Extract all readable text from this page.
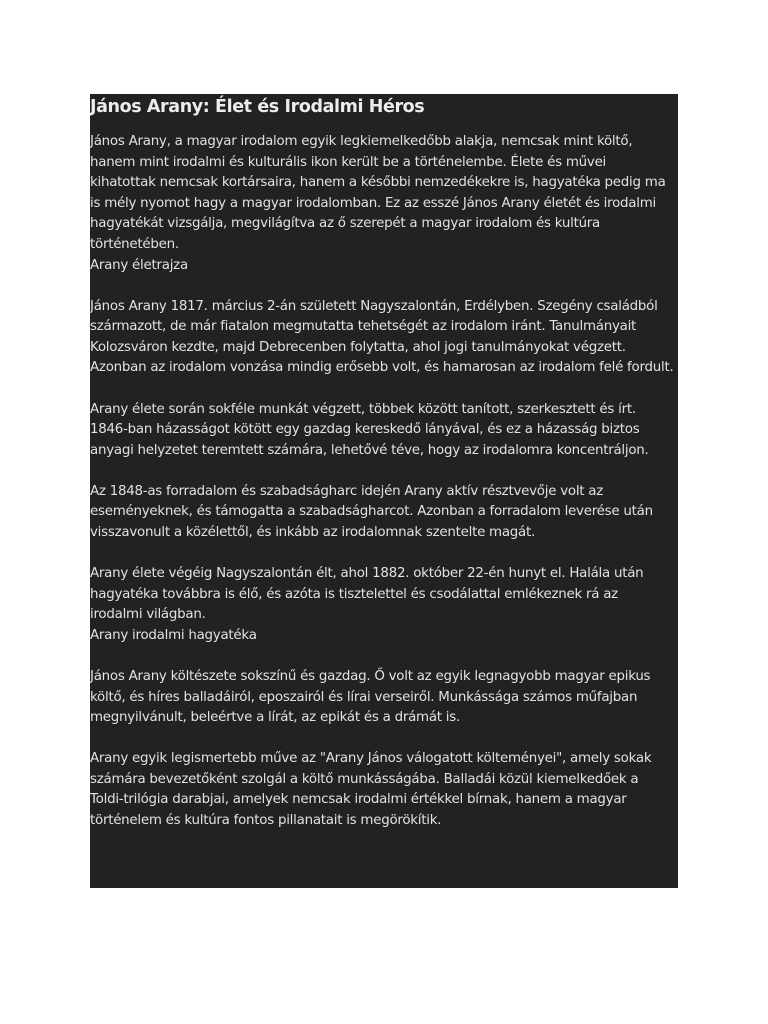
János Arany: Élet és Irodalmi Héros

János Arany, a magyar irodalom egyik legkiemelkedőbb alakja, nemcsak mint költő, hanem mint irodalmi és kulturális ikon került be a történelembe. Élete és művei kihatottak nemcsak kortársaira, hanem a későbbi nemzedékekre is, hagyatéka pedig ma is mély nyomot hagy a magyar irodalomban. Ez az esszé János Arany életét és irodalmi hagyatékát vizsgálja, megvilágítva az ő szerepét a magyar irodalom és kultúra történetében.

Arany életrajza

János Arany 1817. március 2-án született Nagyszalontán, Erdélyben. Szegény családból származott, de már fiatalon megmutatta tehetségét az irodalom iránt. Tanulmányait Kolozsváron kezdte, majd Debrecenben folytatta, ahol jogi tanulmányokat végzett. Azonban az irodalom vonzása mindig erősebb volt, és hamarosan az irodalom felé fordult.

Arany élete során sokféle munkát végzett, többek között tanított, szerkesztett és írt. 1846-ban házasságot kötött egy gazdag kereskedő lányával, és ez a házasság biztos anyagi helyzetet teremtett számára, lehetővé téve, hogy az irodalomra koncentráljon.

Az 1848-as forradalom és szabadságharc idején Arany aktív résztvevője volt az eseményeknek, és támogatta a szabadságharcot. Azonban a forradalom leverése után visszavonult a közélettől, és inkább az irodalomnak szentelte magát.

Arany élete végéig Nagyszalontán élt, ahol 1882. október 22-én hunyt el. Halála után hagyatéka továbbra is élő, és azóta is tisztelettel és csodálattal emlékeznek rá az irodalmi világban.

Arany irodalmi hagyatéka

János Arany költészete sokszínű és gazdag. Ő volt az egyik legnagyobb magyar epikus költő, és híres balladáiról, eposzairól és lírai verseiről. Munkássága számos műfajban megnyilvánult, beleértve a lírát, az epikát és a drámát is.

Arany egyik legismertebb műve az "Arany János válogatott költeményei", amely sokak számára bevezetőként szolgál a költő munkásságába. Balladái közül kiemelkedőek a Toldi-trilógia darabjai, amelyek nemcsak irodalmi értékkel bírnak, hanem a magyar történelem és kultúra fontos pillanatait is megörökítik.
